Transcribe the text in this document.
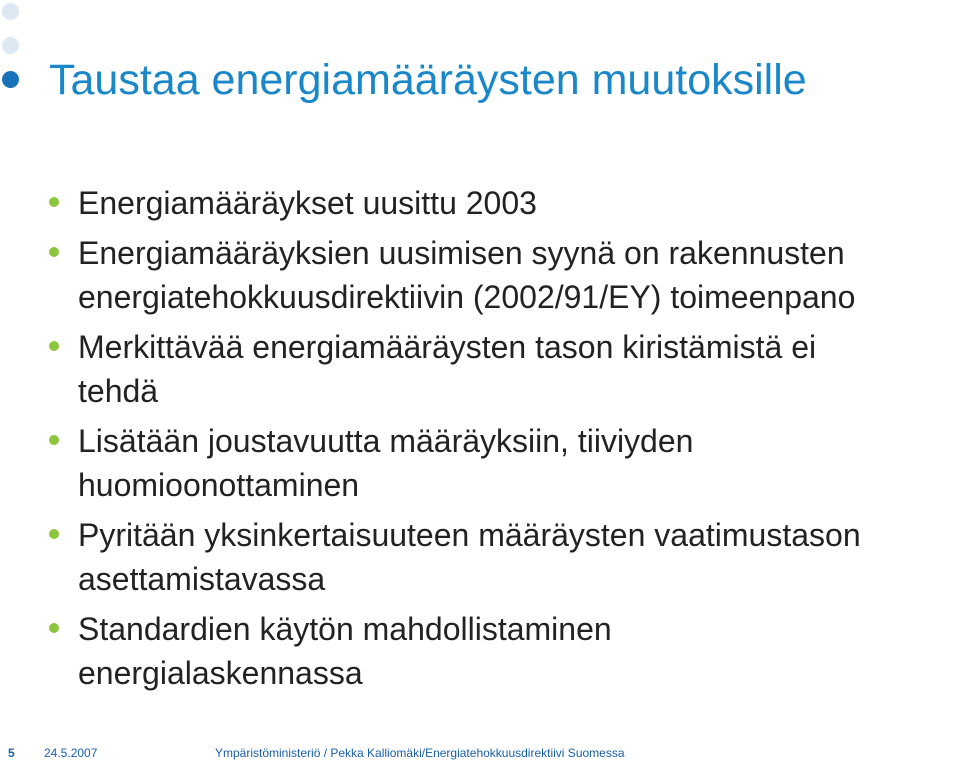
Taustaa energiamääräysten muutoksille
Energiamääräykset uusittu 2003
Energiamääräyksien uusimisen syynä on rakennusten
energiatehokkuusdirektiivin (2002/91/EY) toimeenpano
Merkittävää energiamääräysten tason kiristämistä ei
tehdä
Lisätään joustavuutta määräyksiin, tiiviyden
huomioonottaminen
Pyritään yksinkertaisuuteen määräysten vaatimustason
asettamistavassa
Standardien käytön mahdollistaminen
energialaskennassa
5 24.5.2007	Ympäristöministeriö / Pekka Kalliomäki/Energiatehokkuusdirektiivi Suomessa
